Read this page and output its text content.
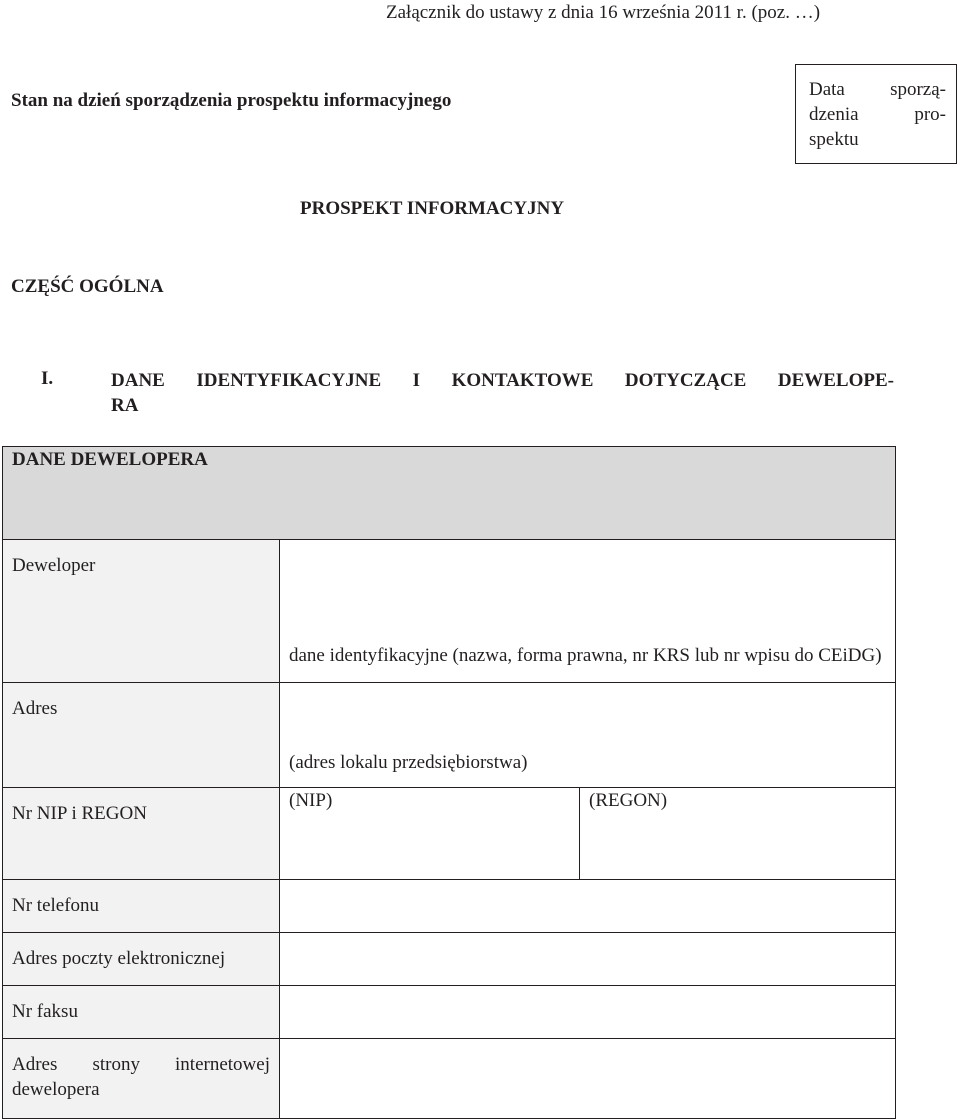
Załącznik do ustawy z dnia 16 września 2011 r. (poz. …)
Stan na dzień sporządzenia prospektu informacyjnego
Data sporzą-
dzenia pro-
spektu
PROSPEKT INFORMACYJNY
CZĘŚĆ OGÓLNA
I.	DANE IDENTYFIKACYJNE I KONTAKTOWE DOTYCZĄCE DEWELOPE-
RA
DANE DEWELOPERA		
Deweloper	dane identyfikacyjne (nazwa, forma prawna, nr KRS lub nr wpisu do CEiDG)	
Adres	(adres lokalu przedsiębiorstwa)	
Nr NIP i REGON	(NIP)	(REGON)
Nr telefonu		
Adres poczty elektronicznej		
Nr faksu		

Adres strony internetowej
dewelopera		
